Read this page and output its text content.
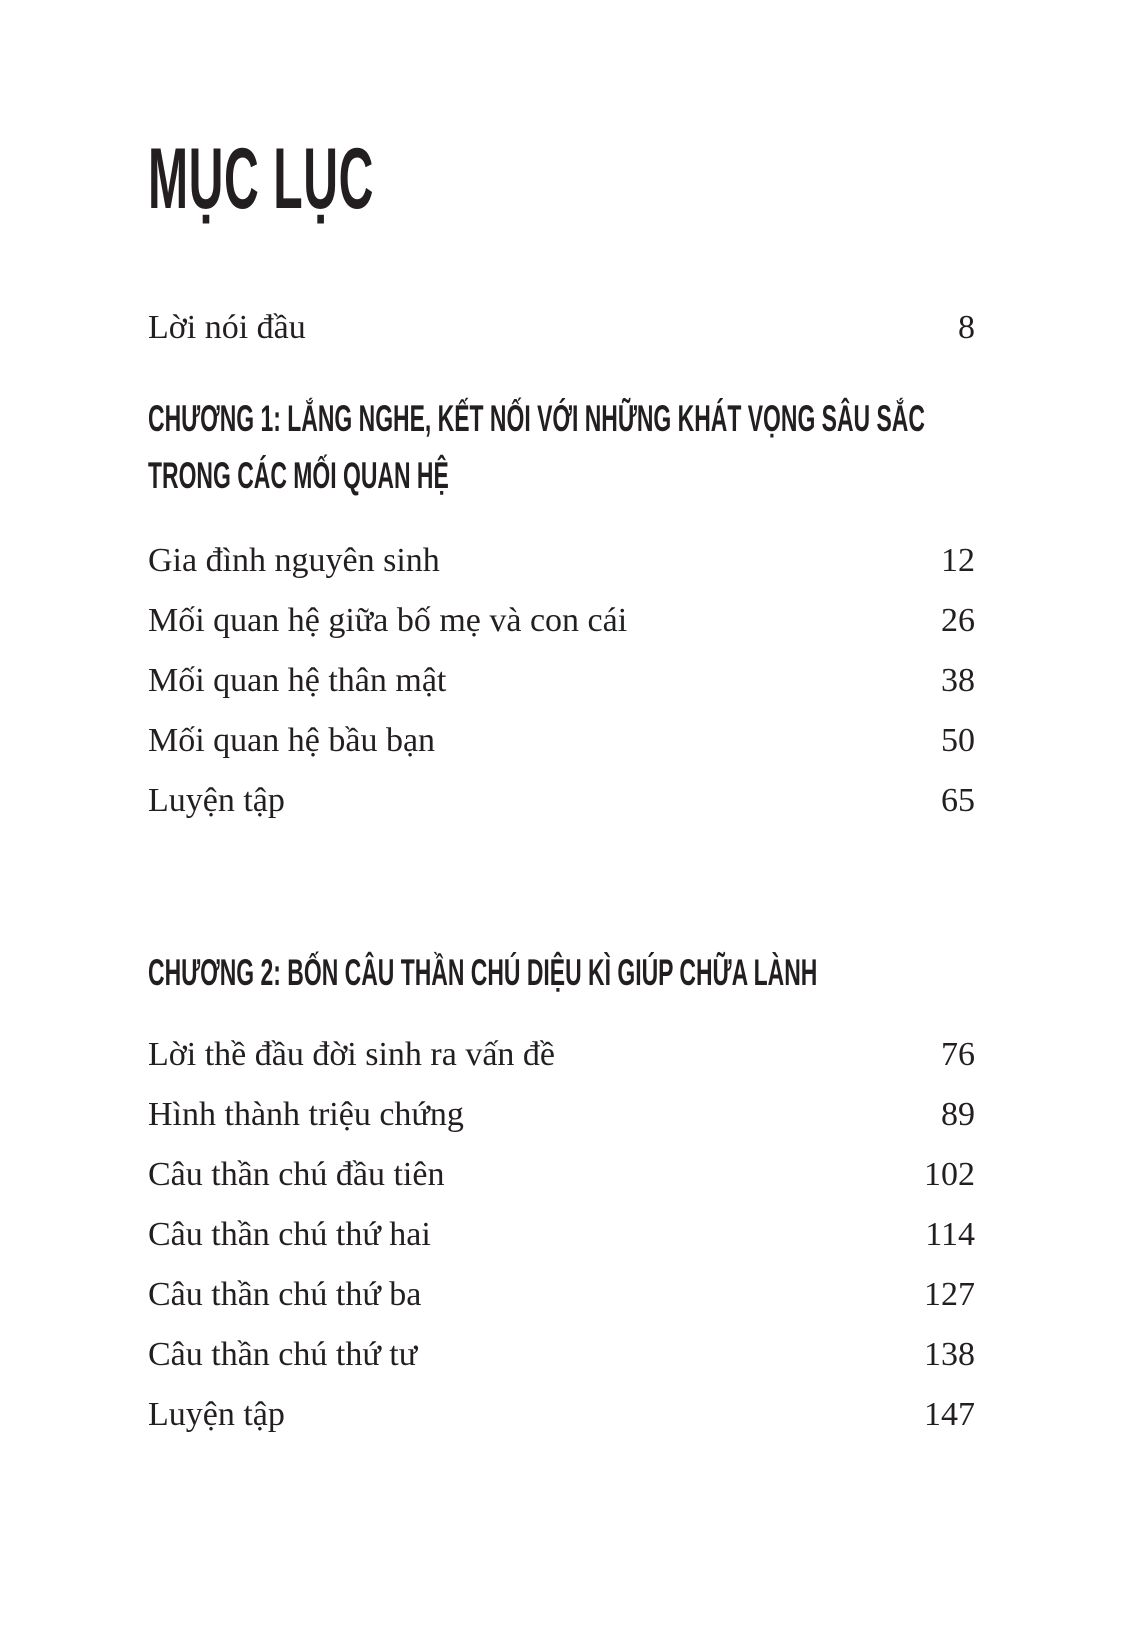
MỤC LỤC
Lời nói đầu	8
CHƯƠNG 1: LẮNG NGHE, KẾT NỐI VỚI NHỮNG KHÁT VỌNG SÂU SẮC
TRONG CÁC MỐI QUAN HỆ
Gia đình nguyên sinh	12
Mối quan hệ giữa bố mẹ và con cái	26
Mối quan hệ thân mật	38
Mối quan hệ bầu bạn	50
Luyện tập	65
CHƯƠNG 2: BỐN CÂU THẦN CHÚ DIỆU KÌ GIÚP CHỮA LÀNH
Lời thề đầu đời sinh ra vấn đề	76
Hình thành triệu chứng	89
Câu thần chú đầu tiên	102
Câu thần chú thứ hai	114
Câu thần chú thứ ba	127
Câu thần chú thứ tư	138
Luyện tập	147
